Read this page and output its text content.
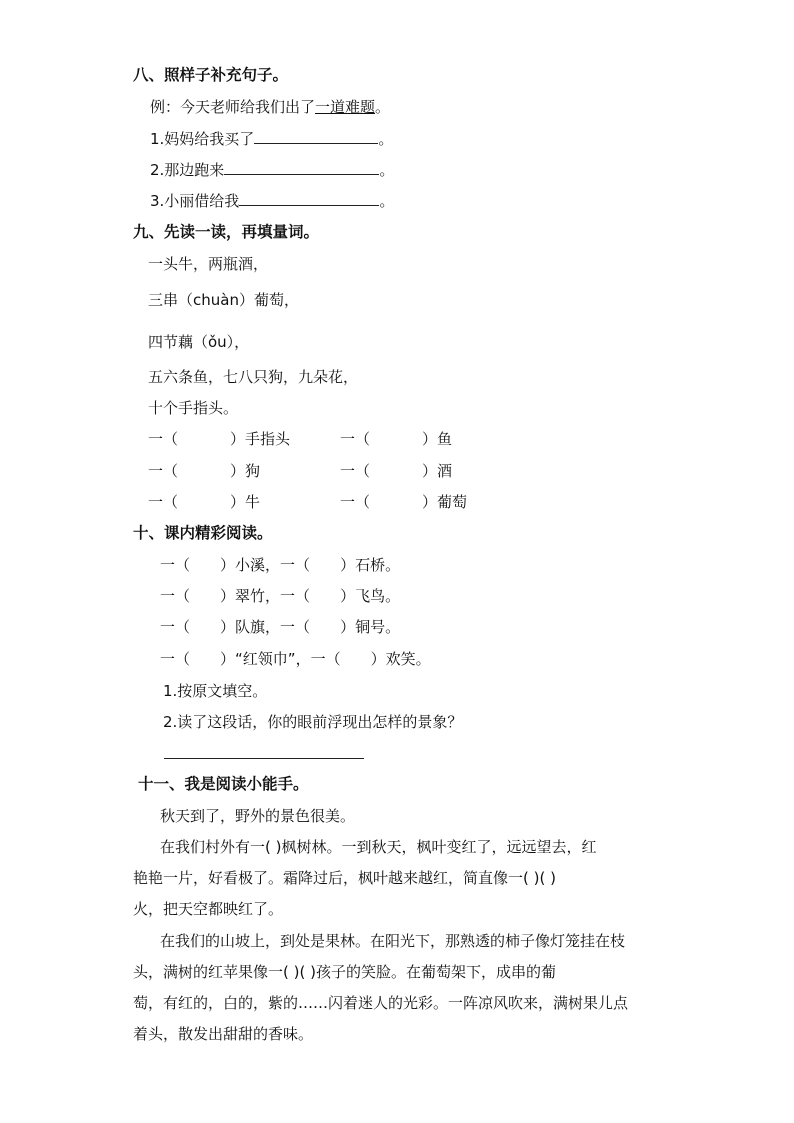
八、照样子补充句子。
例：今天老师给我们出了一道难题。
1.妈妈给我买了	。
2.那边跑来	。
3.小丽借给我	。
九、先读一读，再填量词。
一头牛，两瓶酒，
三串（chuàn）葡萄，
四节藕（ǒu），
五六条鱼，七八只狗，九朵花，
十个手指头。
一（	）手指头	一（	）鱼
一（	）狗	一（	）酒
一（	）牛	一（	）葡萄
十、课内精彩阅读。
一（ ）小溪，一（ ）石桥。
一（ ）翠竹，一（ ）飞鸟。
一（ ）队旗，一（ ）铜号。
一（ ）“红领巾”，一（ ）欢笑。
1.按原文填空。
2.读了这段话，你的眼前浮现出怎样的景象？
十一、我是阅读小能手。
秋天到了，野外的景色很美。
在我们村外有一( )枫树林。一到秋天，枫叶变红了，远远望去，红
艳艳一片，好看极了。霜降过后，枫叶越来越红，简直像一( )( )
火，把天空都映红了。
在我们的山坡上，到处是果林。在阳光下，那熟透的柿子像灯笼挂在枝
头，满树的红苹果像一( )( )孩子的笑脸。在葡萄架下，成串的葡
萄，有红的，白的，紫的……闪着迷人的光彩。一阵凉风吹来，满树果儿点
着头，散发出甜甜的香味。
